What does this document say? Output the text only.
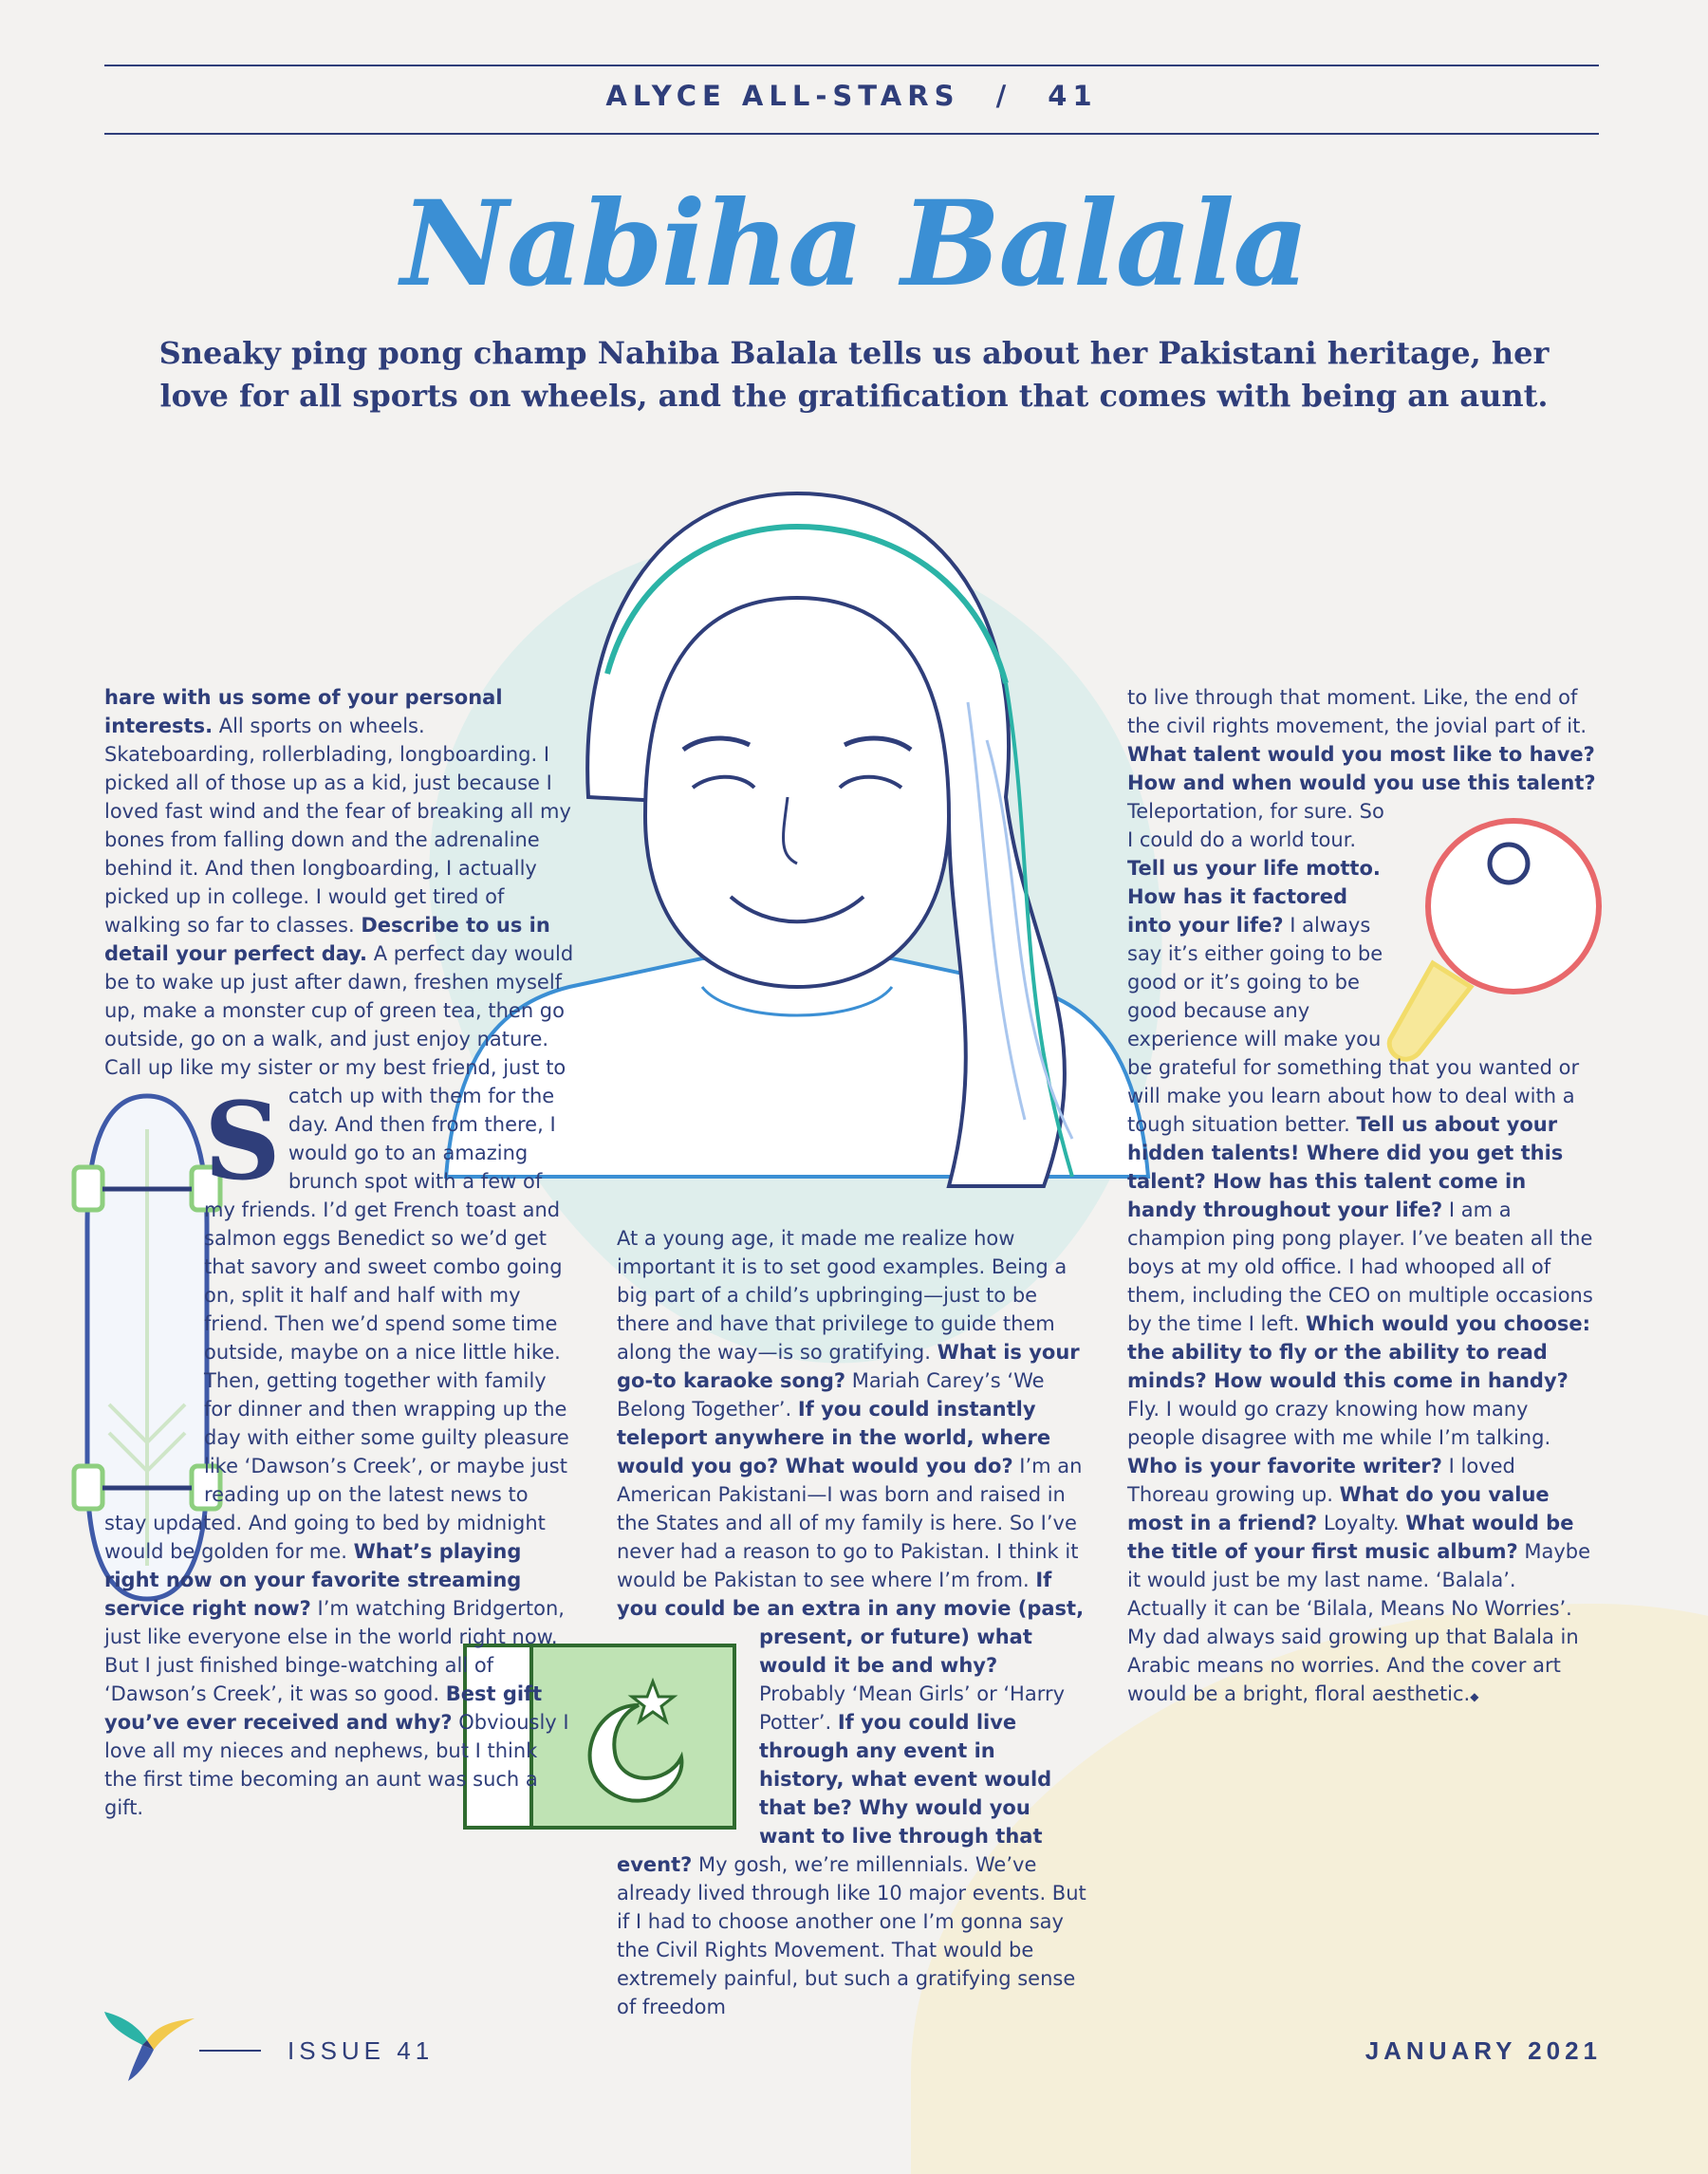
ALYCE ALL-STARS / 41
Nabiha Balala
Sneaky ping pong champ Nahiba Balala tells us about her Pakistani heritage, her love for all sports on wheels, and the gratification that comes with being an aunt.

S
hare with us some of your personal interests. All sports on wheels. Skateboarding, rollerblading, longboarding. I picked all of those up as a kid, just because I loved fast wind and the fear of breaking all my bones from falling down and the adrenaline behind it. And then longboarding, I actually picked up in college. I would get tired of walking so far to classes. Describe to us in detail your perfect day. A perfect day would be to wake up just after dawn, freshen myself up, make a monster cup of green tea, then go outside, go on a walk, and just enjoy nature. Call up like my sister or my best friend, just to catch up with them for the day. And then from there, I would go to an amazing brunch spot with a few of my friends. I’d get French toast and salmon eggs Benedict so we’d get that savory and sweet combo going on, split it half and half with my friend. Then we’d spend some time outside, maybe on a nice little hike. Then, getting together with family for dinner and then wrapping up the day with either some guilty pleasure like ‘Dawson’s Creek’, or maybe just reading up on the latest news to stay updated. And going to bed by midnight would be golden for me. What’s playing right now on your favorite streaming service right now? I’m watching Bridgerton, just like everyone else in the world right now. But I just finished binge-watching all of ‘Dawson’s Creek’, it was so good. Best gift you’ve ever received and why? Obviously I love all my nieces and nephews, but I think the first time becoming an aunt was such a gift.

At a young age, it made me realize how important it is to set good examples. Being a big part of a child’s upbringing—just to be there and have that privilege to guide them along the way—is so gratifying. What is your go-to karaoke song? Mariah Carey’s ‘We Belong Together’. If you could instantly teleport anywhere in the world, where would you go? What would you do? I’m an American Pakistani—I was born and raised in the States and all of my family is here. So I’ve never had a reason to go to Pakistan. I think it would be Pakistan to see where I’m from. If you could be an extra in any movie (past, present, or future) what would it be and why? Probably ‘Mean Girls’ or ‘Harry Potter’. If you could live through any event in history, what event would that be? Why would you want to live through that event? My gosh, we’re millennials. We’ve already lived through like 10 major events. But if I had to choose another one I’m gonna say the Civil Rights Movement. That would be extremely painful, but such a gratifying sense of freedom

to live through that moment. Like, the end of the civil rights movement, the jovial part of it. What talent would you most like to have? How and when would you use this talent? Teleportation, for sure. So I could do a world tour. Tell us your life motto. How has it factored into your life? I always say it’s either going to be good or it’s going to be good because any experience will make you be grateful for something that you wanted or will make you learn about how to deal with a tough situation better. Tell us about your hidden talents! Where did you get this talent? How has this talent come in handy throughout your life? I am a champion ping pong player. I’ve beaten all the boys at my old office. I had whooped all of them, including the CEO on multiple occasions by the time I left. Which would you choose: the ability to fly or the ability to read minds? How would this come in handy? Fly. I would go crazy knowing how many people disagree with me while I’m talking. Who is your favorite writer? I loved Thoreau growing up. What do you value most in a friend? Loyalty. What would be the title of your first music album? Maybe it would just be my last name. ‘Balala’. Actually it can be ‘Bilala, Means No Worries’. My dad always said growing up that Balala in Arabic means no worries. And the cover art would be a bright, floral aesthetic.◆

ISSUE 41	JANUARY 2021
